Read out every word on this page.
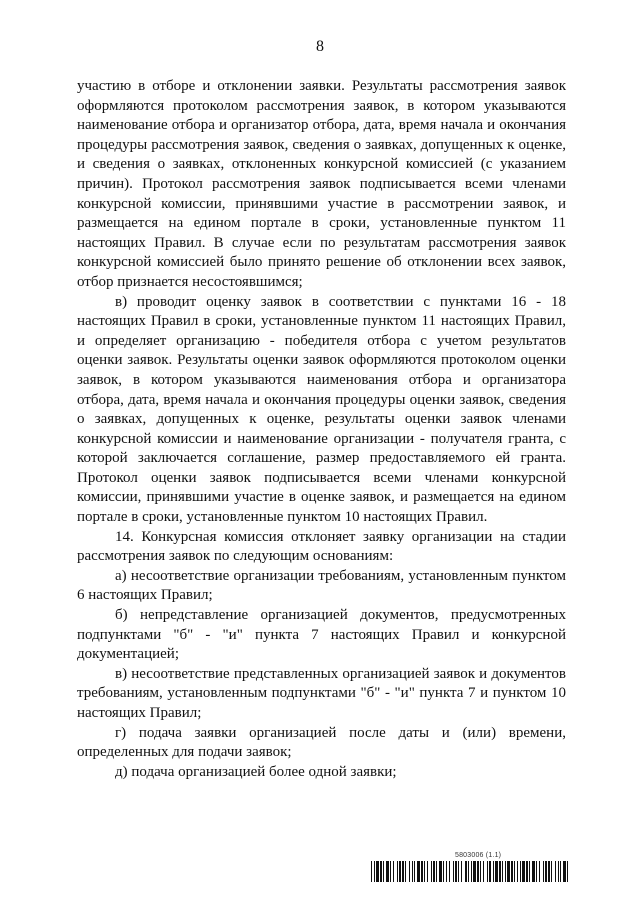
8

участию в отборе и отклонении заявки. Результаты рассмотрения заявок оформляются протоколом рассмотрения заявок, в котором указываются наименование отбора и организатор отбора, дата, время начала и окончания процедуры рассмотрения заявок, сведения о заявках, допущенных к оценке, и сведения о заявках, отклоненных конкурсной комиссией (с указанием причин). Протокол рассмотрения заявок подписывается всеми членами конкурсной комиссии, принявшими участие в рассмотрении заявок, и размещается на едином портале в сроки, установленные пунктом 11 настоящих Правил. В случае если по результатам рассмотрения заявок конкурсной комиссией было принято решение об отклонении всех заявок, отбор признается несостоявшимся;

в) проводит оценку заявок в соответствии с пунктами 16 - 18 настоящих Правил в сроки, установленные пунктом 11 настоящих Правил, и определяет организацию - победителя отбора с учетом результатов оценки заявок. Результаты оценки заявок оформляются протоколом оценки заявок, в котором указываются наименования отбора и организатора отбора, дата, время начала и окончания процедуры оценки заявок, сведения о заявках, допущенных к оценке, результаты оценки заявок членами конкурсной комиссии и наименование организации - получателя гранта, с которой заключается соглашение, размер предоставляемого ей гранта. Протокол оценки заявок подписывается всеми членами конкурсной комиссии, принявшими участие в оценке заявок, и размещается на едином портале в сроки, установленные пунктом 10 настоящих Правил.

14. Конкурсная комиссия отклоняет заявку организации на стадии рассмотрения заявок по следующим основаниям:

а) несоответствие организации требованиям, установленным пунктом 6 настоящих Правил;

б) непредставление организацией документов, предусмотренных подпунктами "б" - "и" пункта 7 настоящих Правил и конкурсной документацией;

в) несоответствие представленных организацией заявок и документов требованиям, установленным подпунктами "б" - "и" пункта 7 и пунктом 10 настоящих Правил;

г) подача заявки организацией после даты и (или) времени, определенных для подачи заявок;

д) подача организацией более одной заявки;

5803006 (1.1)
